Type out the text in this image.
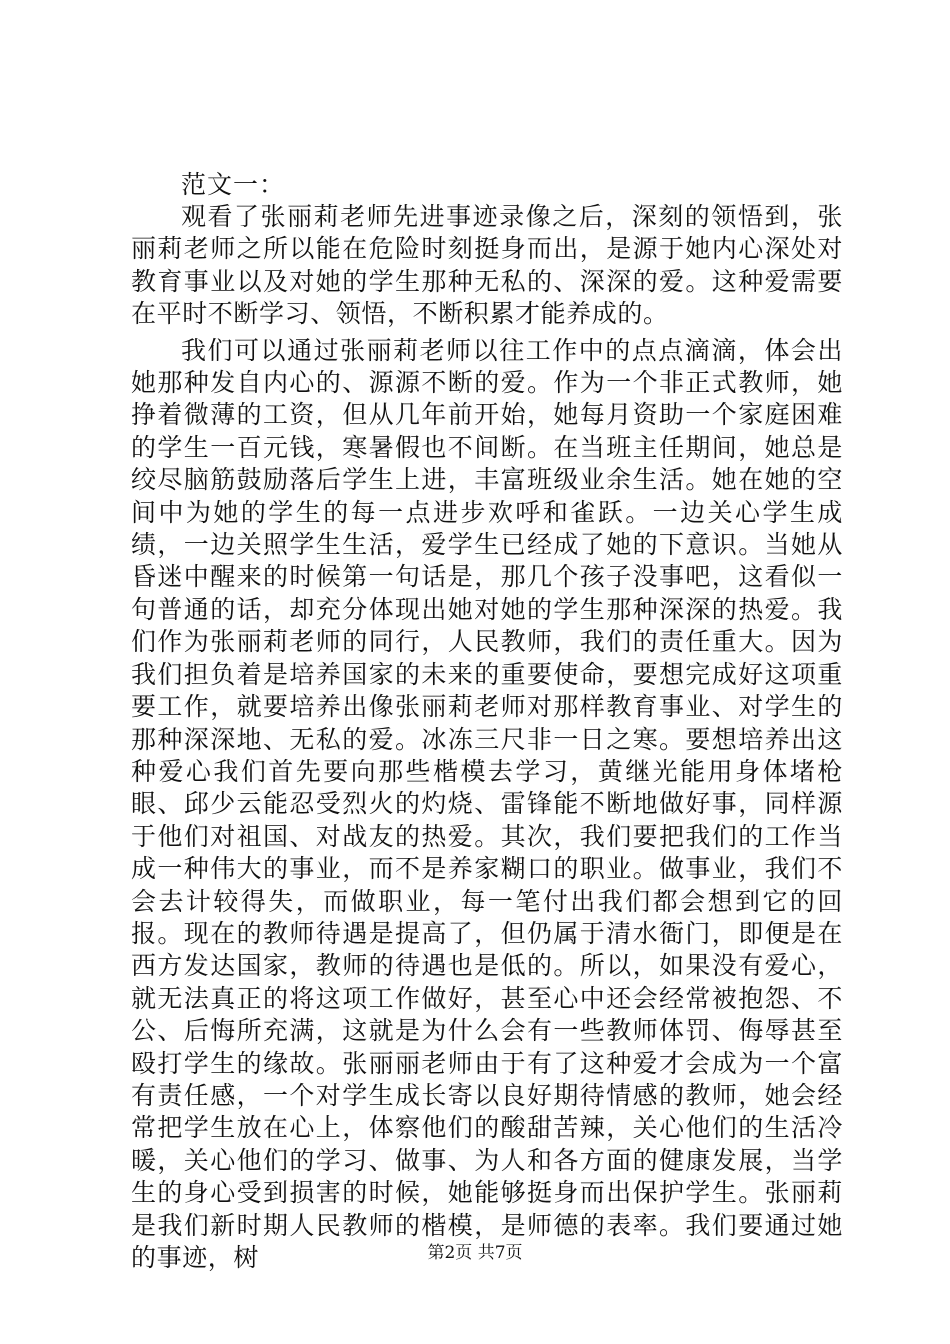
范文一：

观看了张丽莉老师先进事迹录像之后，深刻的领悟到，张丽莉老师之所以能在危险时刻挺身而出，是源于她内心深处对教育事业以及对她的学生那种无私的、深深的爱。这种爱需要在平时不断学习、领悟，不断积累才能养成的。

我们可以通过张丽莉老师以往工作中的点点滴滴，体会出她那种发自内心的、源源不断的爱。作为一个非正式教师，她挣着微薄的工资，但从几年前开始，她每月资助一个家庭困难的学生一百元钱，寒暑假也不间断。在当班主任期间，她总是绞尽脑筋鼓励落后学生上进，丰富班级业余生活。她在她的空间中为她的学生的每一点进步欢呼和雀跃。一边关心学生成绩，一边关照学生生活，爱学生已经成了她的下意识。当她从昏迷中醒来的时候第一句话是，那几个孩子没事吧，这看似一句普通的话，却充分体现出她对她的学生那种深深的热爱。我们作为张丽莉老师的同行，人民教师，我们的责任重大。因为我们担负着是培养国家的未来的重要使命，要想完成好这项重要工作，就要培养出像张丽莉老师对那样教育事业、对学生的那种深深地、无私的爱。冰冻三尺非一日之寒。要想培养出这种爱心我们首先要向那些楷模去学习，黄继光能用身体堵枪眼、邱少云能忍受烈火的灼烧、雷锋能不断地做好事，同样源于他们对祖国、对战友的热爱。其次，我们要把我们的工作当成一种伟大的事业，而不是养家糊口的职业。做事业，我们不会去计较得失，而做职业，每一笔付出我们都会想到它的回报。现在的教师待遇是提高了，但仍属于清水衙门，即便是在西方发达国家，教师的待遇也是低的。所以，如果没有爱心，就无法真正的将这项工作做好，甚至心中还会经常被抱怨、不公、后悔所充满，这就是为什么会有一些教师体罚、侮辱甚至殴打学生的缘故。张丽丽老师由于有了这种爱才会成为一个富有责任感，一个对学生成长寄以良好期待情感的教师，她会经常把学生放在心上，体察他们的酸甜苦辣，关心他们的生活冷暖，关心他们的学习、做事、为人和各方面的健康发展，当学生的身心受到损害的时候，她能够挺身而出保护学生。张丽莉是我们新时期人民教师的楷模，是师德的表率。我们要通过她的事迹，树	第2页 共7页
